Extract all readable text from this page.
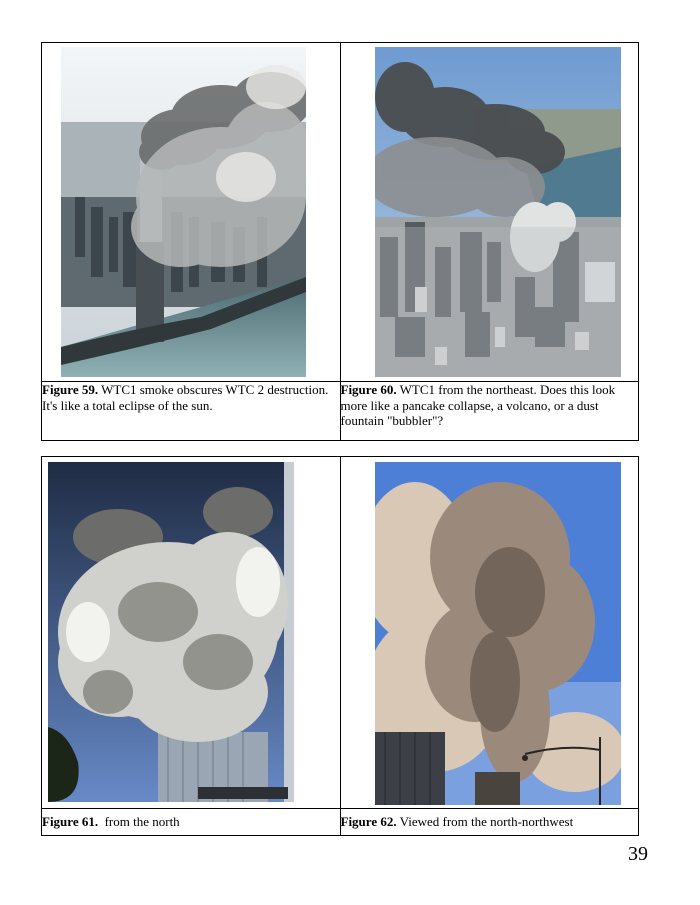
Figure 59. WTC1 smoke obscures WTC 2 destruction. It's like a total eclipse of the sun.	Figure 60. WTC1 from the northeast. Does this look more like a pancake collapse, a volcano, or a dust fountain "bubbler"?

Figure 61.  from the north	Figure 62. Viewed from the north-northwest
39
